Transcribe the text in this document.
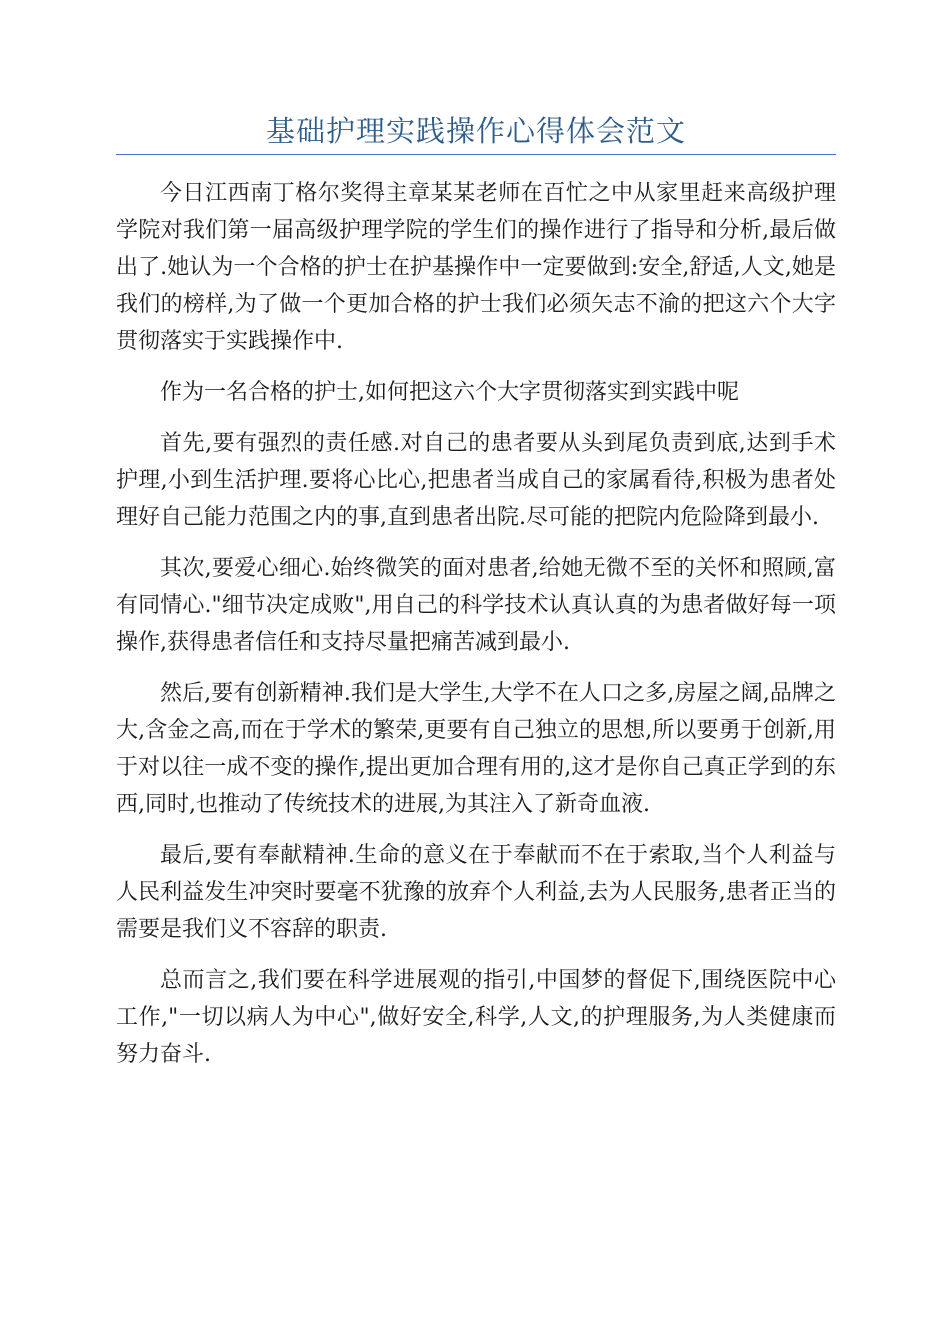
基础护理实践操作心得体会范文

今日江西南丁格尔奖得主章某某老师在百忙之中从家里赶来高级护理学院对我们第一届高级护理学院的学生们的操作进行了指导和分析,最后做出了.她认为一个合格的护士在护基操作中一定要做到:安全,舒适,人文,她是我们的榜样,为了做一个更加合格的护士我们必须矢志不渝的把这六个大字贯彻落实于实践操作中.

作为一名合格的护士,如何把这六个大字贯彻落实到实践中呢

首先,要有强烈的责任感.对自己的患者要从头到尾负责到底,达到手术护理,小到生活护理.要将心比心,把患者当成自己的家属看待,积极为患者处理好自己能力范围之内的事,直到患者出院.尽可能的把院内危险降到最小.

其次,要爱心细心.始终微笑的面对患者,给她无微不至的关怀和照顾,富有同情心."细节决定成败",用自己的科学技术认真认真的为患者做好每一项操作,获得患者信任和支持尽量把痛苦减到最小.

然后,要有创新精神.我们是大学生,大学不在人口之多,房屋之阔,品牌之大,含金之高,而在于学术的繁荣,更要有自己独立的思想,所以要勇于创新,用于对以往一成不变的操作,提出更加合理有用的,这才是你自己真正学到的东西,同时,也推动了传统技术的进展,为其注入了新奇血液.

最后,要有奉献精神.生命的意义在于奉献而不在于索取,当个人利益与人民利益发生冲突时要毫不犹豫的放弃个人利益,去为人民服务,患者正当的需要是我们义不容辞的职责.

总而言之,我们要在科学进展观的指引,中国梦的督促下,围绕医院中心工作,"一切以病人为中心",做好安全,科学,人文,的护理服务,为人类健康而努力奋斗.
